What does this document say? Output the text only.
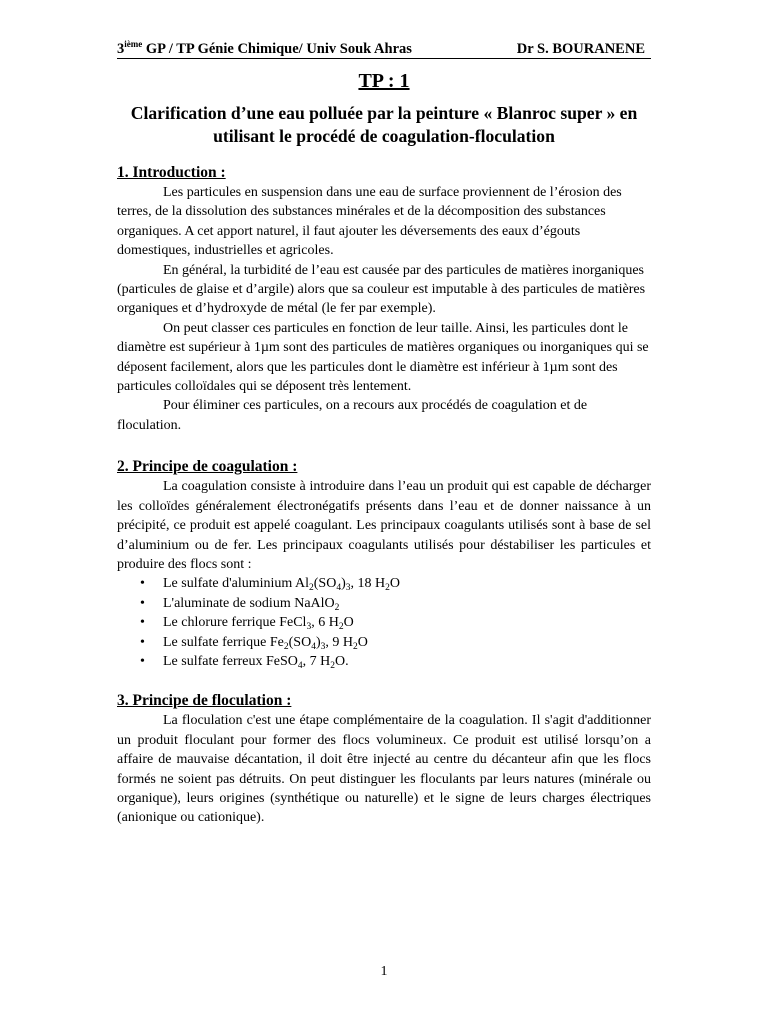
3ième GP / TP Génie Chimique/ Univ Souk Ahras	Dr S. BOURANENE
TP : 1
Clarification d’une eau polluée par la peinture « Blanroc super » en utilisant le procédé de coagulation-floculation
1. Introduction :

Les particules en suspension dans une eau de surface proviennent de l’érosion des terres, de la dissolution des substances minérales et de la décomposition des substances organiques. A cet apport naturel, il faut ajouter les déversements des eaux d’égouts domestiques, industrielles et agricoles.

En général, la turbidité de l’eau est causée par des particules de matières inorganiques (particules de glaise et d’argile) alors que sa couleur est imputable à des particules de matières organiques et d’hydroxyde de métal (le fer par exemple).

On peut classer ces particules en fonction de leur taille. Ainsi, les particules dont le diamètre est supérieur à 1µm sont des particules de matières organiques ou inorganiques qui se déposent facilement, alors que les particules dont le diamètre est inférieur à 1µm sont des particules colloïdales qui se déposent très lentement.

Pour éliminer ces particules, on a recours aux procédés de coagulation et de floculation.

2. Principe de coagulation :

La coagulation consiste à introduire dans l’eau un produit qui est capable de décharger les colloïdes généralement électronégatifs présents dans l’eau et de donner naissance à un précipité, ce produit est appelé coagulant. Les principaux coagulants utilisés sont à base de sel d’aluminium ou de fer. Les principaux coagulants utilisés pour déstabiliser les particules et produire des flocs sont :

• Le sulfate d'aluminium $Al_2(SO_4)_3$, 18 $H_2O$
• L'aluminate de sodium NaAlO$_2$
• Le chlorure ferrique FeCl$_3$, 6 $H_2O$
• Le sulfate ferrique $Fe_2(SO_4)_3$, 9 $H_2O$
• Le sulfate ferreux FeSO$_4$, 7 $H_2O$.
3. Principe de floculation :

La floculation c'est une étape complémentaire de la coagulation. Il s'agit d'additionner un produit floculant pour former des flocs volumineux. Ce produit est utilisé lorsqu’on a affaire de mauvaise décantation, il doit être injecté au centre du décanteur afin que les flocs formés ne soient pas détruits. On peut distinguer les floculants par leurs natures (minérale ou organique), leurs origines (synthétique ou naturelle) et le signe de leurs charges électriques (anionique ou cationique).

1
